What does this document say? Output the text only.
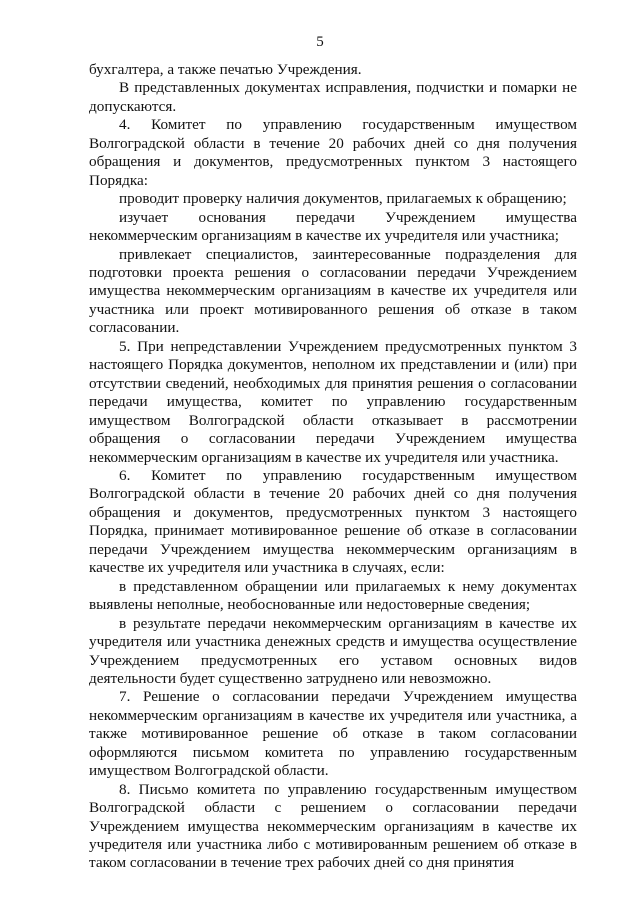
5

бухгалтера, а также печатью Учреждения.

В представленных документах исправления, подчистки и помарки не допускаются.

4. Комитет по управлению государственным имуществом Волгоградской области в течение 20 рабочих дней со дня получения обращения и документов, предусмотренных пунктом 3 настоящего Порядка:

проводит проверку наличия документов, прилагаемых к обращению;

изучает основания передачи Учреждением имущества некоммерческим организациям в качестве их учредителя или участника;

привлекает специалистов, заинтересованные подразделения для подготовки проекта решения о согласовании передачи Учреждением имущества некоммерческим организациям в качестве их учредителя или участника или проект мотивированного решения об отказе в таком согласовании.

5. При непредставлении Учреждением предусмотренных пунктом 3 настоящего Порядка документов, неполном их представлении и (или) при отсутствии сведений, необходимых для принятия решения о согласовании передачи имущества, комитет по управлению государственным имуществом Волгоградской области отказывает в рассмотрении обращения о согласовании передачи Учреждением имущества некоммерческим организациям в качестве их учредителя или участника.

6. Комитет по управлению государственным имуществом Волгоградской области в течение 20 рабочих дней со дня получения обращения и документов, предусмотренных пунктом 3 настоящего Порядка, принимает мотивированное решение об отказе в согласовании передачи Учреждением имущества некоммерческим организациям в качестве их учредителя или участника в случаях, если:

в представленном обращении или прилагаемых к нему документах выявлены неполные, необоснованные или недостоверные сведения;

в результате передачи некоммерческим организациям в качестве их учредителя или участника денежных средств и имущества осуществление Учреждением предусмотренных его уставом основных видов деятельности будет существенно затруднено или невозможно.

7. Решение о согласовании передачи Учреждением имущества некоммерческим организациям в качестве их учредителя или участника, а также мотивированное решение об отказе в таком согласовании оформляются письмом комитета по управлению государственным имуществом Волгоградской области.

8. Письмо комитета по управлению государственным имуществом Волгоградской области с решением о согласовании передачи Учреждением имущества некоммерческим организациям в качестве их учредителя или участника либо с мотивированным решением об отказе в таком согласовании в течение трех рабочих дней со дня принятия
